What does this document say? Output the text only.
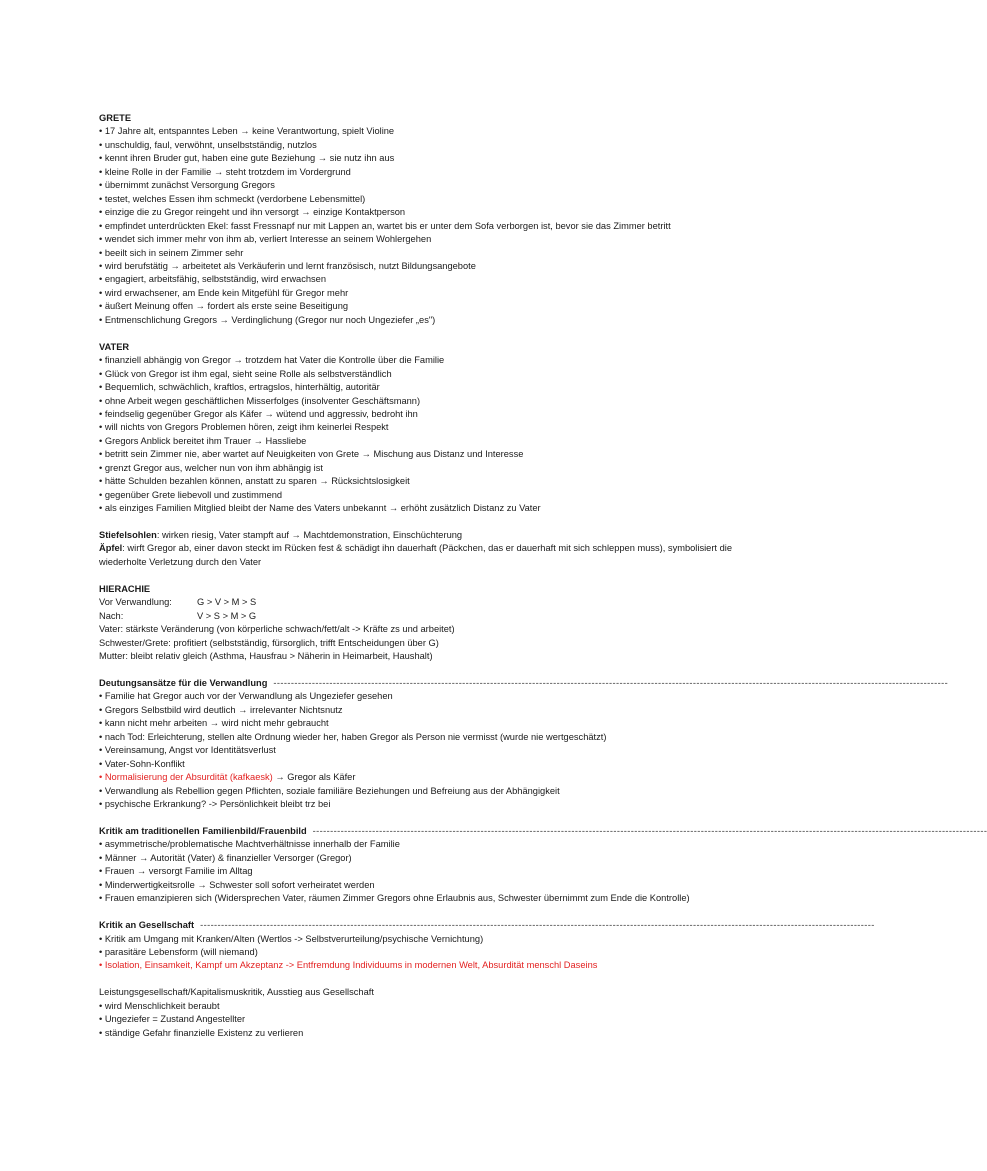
GRETE
• 17 Jahre alt, entspanntes Leben → keine Verantwortung, spielt Violine
• unschuldig, faul, verwöhnt, unselbstständig, nutzlos
• kennt ihren Bruder gut, haben eine gute Beziehung → sie nutz ihn aus
• kleine Rolle in der Familie → steht trotzdem im Vordergrund
• übernimmt zunächst Versorgung Gregors
• testet, welches Essen ihm schmeckt (verdorbene Lebensmittel)
• einzige die zu Gregor reingeht und ihn versorgt → einzige Kontaktperson
• empfindet unterdrückten Ekel: fasst Fressnapf nur mit Lappen an, wartet bis er unter dem Sofa verborgen ist, bevor sie das Zimmer betritt
• wendet sich immer mehr von ihm ab, verliert Interesse an seinem Wohlergehen
• beeilt sich in seinem Zimmer sehr
• wird berufstätig → arbeitetet als Verkäuferin und lernt französisch, nutzt Bildungsangebote
• engagiert, arbeitsfähig, selbstständig, wird erwachsen
• wird erwachsener, am Ende kein Mitgefühl für Gregor mehr
• äußert Meinung offen → fordert als erste seine Beseitigung
• Entmenschlichung Gregors → Verdinglichung (Gregor nur noch Ungeziefer „es")
VATER
• finanziell abhängig von Gregor → trotzdem hat Vater die Kontrolle über die Familie
• Glück von Gregor ist ihm egal, sieht seine Rolle als selbstverständlich
• Bequemlich, schwächlich, kraftlos, ertragslos, hinterhältig, autoritär
• ohne Arbeit wegen geschäftlichen Misserfolges (insolventer Geschäftsmann)
• feindselig gegenüber Gregor als Käfer → wütend und aggressiv, bedroht ihn
• will nichts von Gregors Problemen hören, zeigt ihm keinerlei Respekt
• Gregors Anblick bereitet ihm Trauer → Hassliebe
• betritt sein Zimmer nie, aber wartet auf Neuigkeiten von Grete → Mischung aus Distanz und Interesse
• grenzt Gregor aus, welcher nun von ihm abhängig ist
• hätte Schulden bezahlen können, anstatt zu sparen → Rücksichtslosigkeit
• gegenüber Grete liebevoll und zustimmend
• als einziges Familien Mitglied bleibt der Name des Vaters unbekannt → erhöht zusätzlich Distanz zu Vater
Stiefelsohlen: wirken riesig, Vater stampft auf → Machtdemonstration, Einschüchterung
Äpfel: wirft Gregor ab, einer davon steckt im Rücken fest & schädigt ihn dauerhaft (Päckchen, das er dauerhaft mit sich schleppen muss), symbolisiert die wiederholte Verletzung durch den Vater
HIERACHIE
Vor Verwandlung:	G > V > M > S
Nach:	V > S > M > G
Vater: stärkste Veränderung (von körperliche schwach/fett/alt -> Kräfte zs und arbeitet)
Schwester/Grete: profitiert (selbstständig, fürsorglich, trifft Entscheidungen über G)
Mutter: bleibt relativ gleich (Asthma, Hausfrau > Näherin in Heimarbeit, Haushalt)
Deutungsansätze für die Verwandlung -------------------------------------------------------------------------------------------------------------------------------------------------------------------------------------------------
• Familie hat Gregor auch vor der Verwandlung als Ungeziefer gesehen
• Gregors Selbstbild wird deutlich → irrelevanter Nichtsnutz
• kann nicht mehr arbeiten → wird nicht mehr gebraucht
• nach Tod: Erleichterung, stellen alte Ordnung wieder her, haben Gregor als Person nie vermisst (wurde nie wertgeschätzt)
• Vereinsamung, Angst vor Identitätsverlust
• Vater-Sohn-Konflikt
• Normalisierung der Absurdität (kafkaesk) → Gregor als Käfer
• Verwandlung als Rebellion gegen Pflichten, soziale familiäre Beziehungen und Befreiung aus der Abhängigkeit
• psychische Erkrankung? -> Persönlichkeit bleibt trz bei
Kritik am traditionellen Familienbild/Frauenbild -------------------------------------------------------------------------------------------------------------------------------------------------------------------------------------------------
• asymmetrische/problematische Machtverhältnisse innerhalb der Familie
• Männer → Autorität (Vater) & finanzieller Versorger (Gregor)
• Frauen → versorgt Familie im Alltag
• Minderwertigkeitsrolle → Schwester soll sofort verheiratet werden
• Frauen emanzipieren sich (Widersprechen Vater, räumen Zimmer Gregors ohne Erlaubnis aus, Schwester übernimmt zum Ende die Kontrolle)
Kritik an Gesellschaft -------------------------------------------------------------------------------------------------------------------------------------------------------------------------------------------------
• Kritik am Umgang mit Kranken/Alten (Wertlos -> Selbstverurteilung/psychische Vernichtung)
• parasitäre Lebensform (will niemand)
• Isolation, Einsamkeit, Kampf um Akzeptanz -> Entfremdung Individuums in modernen Welt, Absurdität menschl Daseins
Leistungsgesellschaft/Kapitalismuskritik, Ausstieg aus Gesellschaft
• wird Menschlichkeit beraubt
• Ungeziefer = Zustand Angestellter
• ständige Gefahr finanzielle Existenz zu verlieren
